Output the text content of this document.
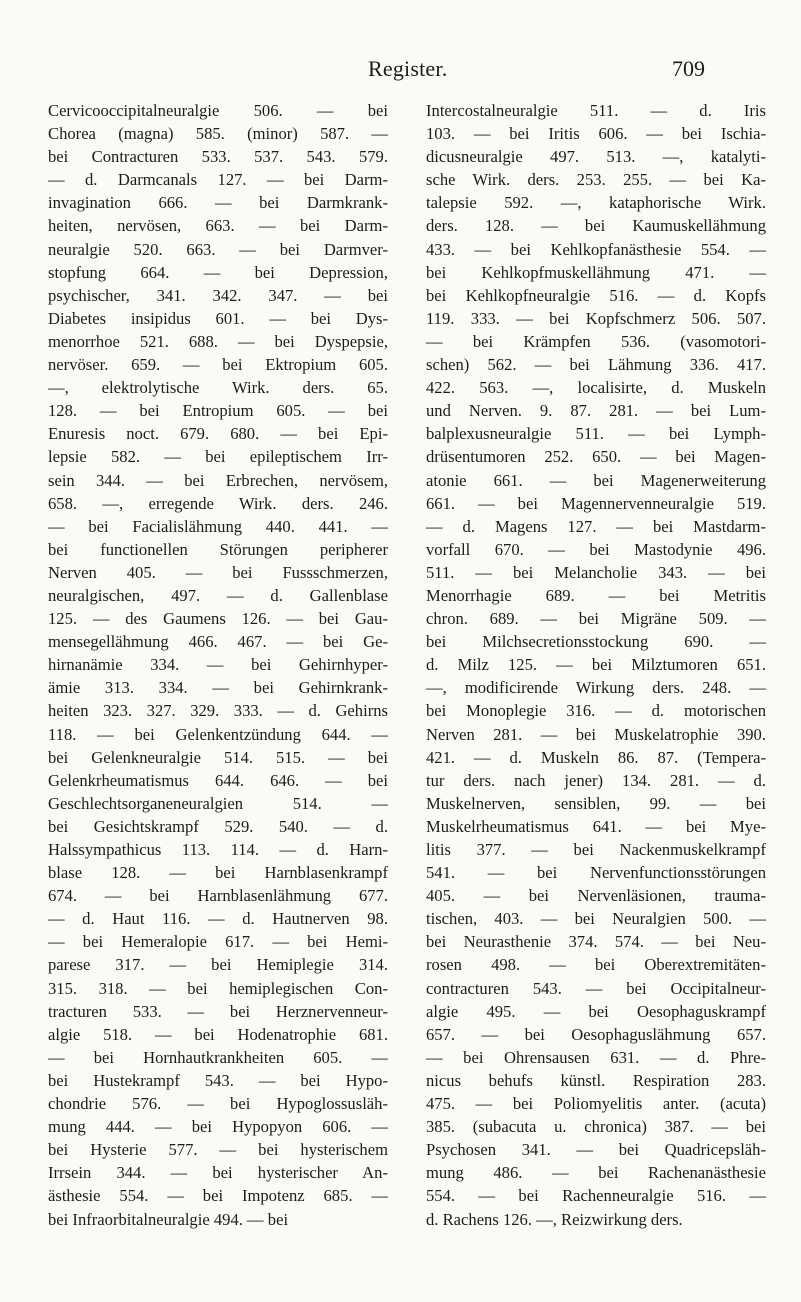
Register.	709
Cervicooccipitalneuralgie 506. — bei
Chorea (magna) 585. (minor) 587. —
bei Contracturen 533. 537. 543. 579.
— d. Darmcanals 127. — bei Darm-
invagination 666. — bei Darmkrank-
heiten, nervösen, 663. — bei Darm-
neuralgie 520. 663. — bei Darmver-
stopfung 664. — bei Depression,
psychischer, 341. 342. 347. — bei
Diabetes insipidus 601. — bei Dys-
menorrhoe 521. 688. — bei Dyspepsie,
nervöser. 659. — bei Ektropium 605.
—, elektrolytische Wirk. ders. 65.
128. — bei Entropium 605. — bei
Enuresis noct. 679. 680. — bei Epi-
lepsie 582. — bei epileptischem Irr-
sein 344. — bei Erbrechen, nervösem,
658. —, erregende Wirk. ders. 246.
— bei Facialislähmung 440. 441. —
bei functionellen Störungen peripherer
Nerven 405. — bei Fussschmerzen,
neuralgischen, 497. — d. Gallenblase
125. — des Gaumens 126. — bei Gau-
mensegellähmung 466. 467. — bei Ge-
hirnanämie 334. — bei Gehirnhyper-
ämie 313. 334. — bei Gehirnkrank-
heiten 323. 327. 329. 333. — d. Gehirns
118. — bei Gelenkentzündung 644. —
bei Gelenkneuralgie 514. 515. — bei
Gelenkrheumatismus 644. 646. — bei
Geschlechtsorganeneuralgien 514. —
bei Gesichtskrampf 529. 540. — d.
Halssympathicus 113. 114. — d. Harn-
blase 128. — bei Harnblasenkrampf
674. — bei Harnblasenlähmung 677.
— d. Haut 116. — d. Hautnerven 98.
— bei Hemeralopie 617. — bei Hemi-
parese 317. — bei Hemiplegie 314.
315. 318. — bei hemiplegischen Con-
tracturen 533. — bei Herznervenneur-
algie 518. — bei Hodenatrophie 681.
— bei Hornhautkrankheiten 605. —
bei Hustekrampf 543. — bei Hypo-
chondrie 576. — bei Hypoglossusläh-
mung 444. — bei Hypopyon 606. —
bei Hysterie 577. — bei hysterischem
Irrsein 344. — bei hysterischer An-
ästhesie 554. — bei Impotenz 685. —
bei Infraorbitalneuralgie 494. — bei
Intercostalneuralgie 511. — d. Iris
103. — bei Iritis 606. — bei Ischia-
dicusneuralgie 497. 513. —, katalyti-
sche Wirk. ders. 253. 255. — bei Ka-
talepsie 592. —, kataphorische Wirk.
ders. 128. — bei Kaumuskellähmung
433. — bei Kehlkopfanästhesie 554. —
bei Kehlkopfmuskellähmung 471. —
bei Kehlkopfneuralgie 516. — d. Kopfs
119. 333. — bei Kopfschmerz 506. 507.
— bei Krämpfen 536. (vasomotori-
schen) 562. — bei Lähmung 336. 417.
422. 563. —, localisirte, d. Muskeln
und Nerven. 9. 87. 281. — bei Lum-
balplexusneuralgie 511. — bei Lymph-
drüsentumoren 252. 650. — bei Magen-
atonie 661. — bei Magenerweiterung
661. — bei Magennervenneuralgie 519.
— d. Magens 127. — bei Mastdarm-
vorfall 670. — bei Mastodynie 496.
511. — bei Melancholie 343. — bei
Menorrhagie 689. — bei Metritis
chron. 689. — bei Migräne 509. —
bei Milchsecretionsstockung 690. —
d. Milz 125. — bei Milztumoren 651.
—, modificirende Wirkung ders. 248. —
bei Monoplegie 316. — d. motorischen
Nerven 281. — bei Muskelatrophie 390.
421. — d. Muskeln 86. 87. (Tempera-
tur ders. nach jener) 134. 281. — d.
Muskelnerven, sensiblen, 99. — bei
Muskelrheumatismus 641. — bei Mye-
litis 377. — bei Nackenmuskelkrampf
541. — bei Nervenfunctionsstörungen
405. — bei Nervenläsionen, trauma-
tischen, 403. — bei Neuralgien 500. —
bei Neurasthenie 374. 574. — bei Neu-
rosen 498. — bei Oberextremitäten-
contracturen 543. — bei Occipitalneur-
algie 495. — bei Oesophaguskrampf
657. — bei Oesophaguslähmung 657.
— bei Ohrensausen 631. — d. Phre-
nicus behufs künstl. Respiration 283.
475. — bei Poliomyelitis anter. (acuta)
385. (subacuta u. chronica) 387. — bei
Psychosen 341. — bei Quadricepsläh-
mung 486. — bei Rachenanästhesie
554. — bei Rachenneuralgie 516. —
d. Rachens 126. —, Reizwirkung ders.
